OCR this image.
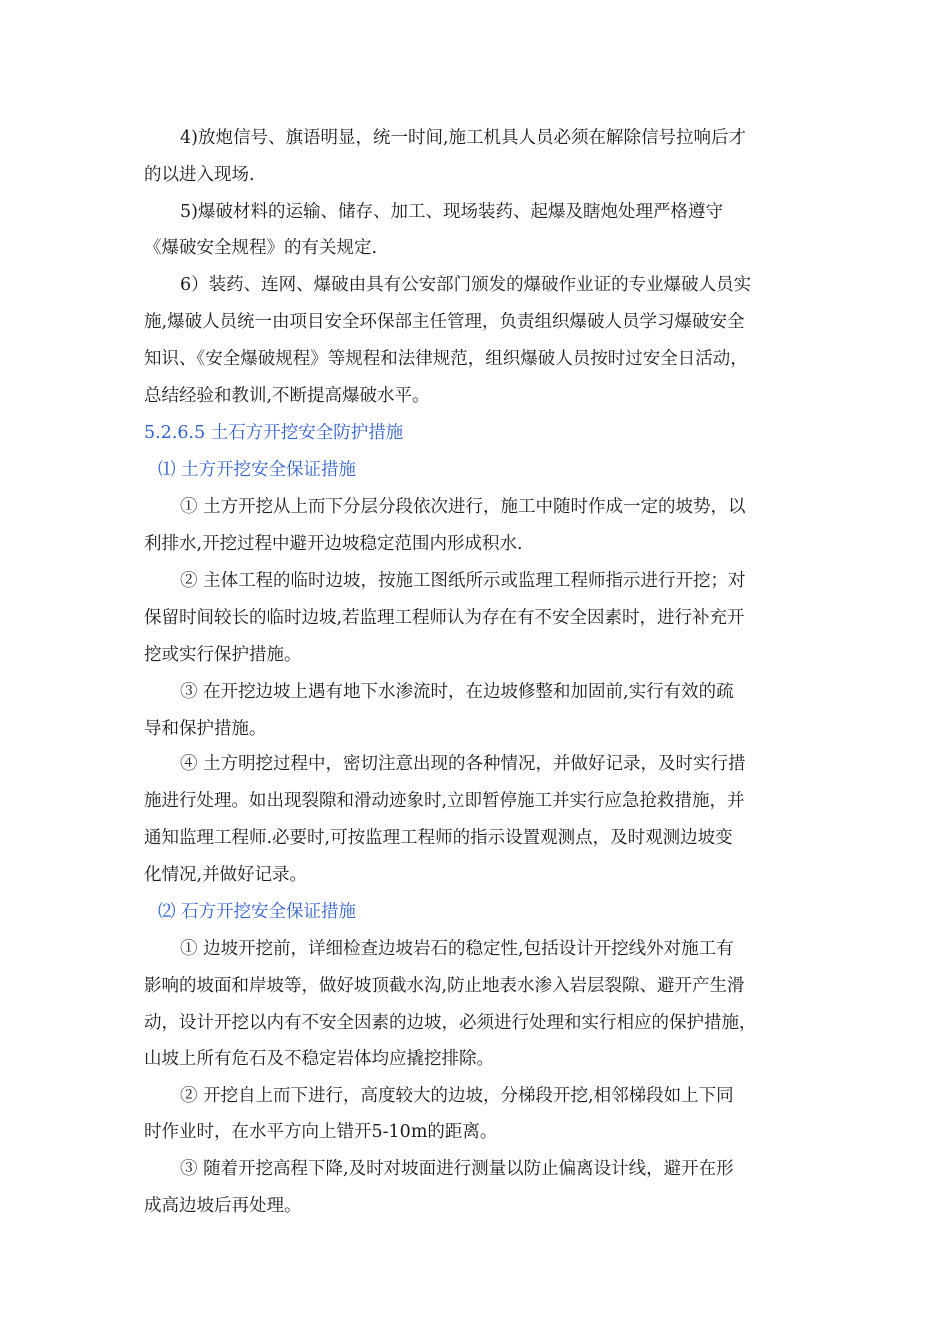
4)放炮信号、旗语明显，统一时间,施工机具人员必须在解除信号拉响后才
的以进入现场.
5)爆破材料的运输、储存、加工、现场装药、起爆及瞎炮处理严格遵守
《爆破安全规程》的有关规定.
6）装药、连网、爆破由具有公安部门颁发的爆破作业证的专业爆破人员实
施,爆破人员统一由项目安全环保部主任管理，负责组织爆破人员学习爆破安全
知识、《安全爆破规程》等规程和法律规范，组织爆破人员按时过安全日活动，
总结经验和教训,不断提高爆破水平。
5.2.6.5 土石方开挖安全防护措施
⑴ 土方开挖安全保证措施
① 土方开挖从上而下分层分段依次进行，施工中随时作成一定的坡势，以
利排水,开挖过程中避开边坡稳定范围内形成积水.
② 主体工程的临时边坡，按施工图纸所示或监理工程师指示进行开挖；对
保留时间较长的临时边坡,若监理工程师认为存在有不安全因素时，进行补充开
挖或实行保护措施。
③ 在开挖边坡上遇有地下水渗流时，在边坡修整和加固前,实行有效的疏
导和保护措施。
④ 土方明挖过程中，密切注意出现的各种情况，并做好记录，及时实行措
施进行处理。如出现裂隙和滑动迹象时,立即暂停施工并实行应急抢救措施，并
通知监理工程师.必要时,可按监理工程师的指示设置观测点，及时观测边坡变
化情况,并做好记录。
⑵ 石方开挖安全保证措施
① 边坡开挖前，详细检查边坡岩石的稳定性,包括设计开挖线外对施工有
影响的坡面和岸坡等，做好坡顶截水沟,防止地表水渗入岩层裂隙、避开产生滑
动，设计开挖以内有不安全因素的边坡，必须进行处理和实行相应的保护措施，
山坡上所有危石及不稳定岩体均应撬挖排除。
② 开挖自上而下进行，高度较大的边坡，分梯段开挖,相邻梯段如上下同
时作业时，在水平方向上错开5-10m的距离。
③ 随着开挖高程下降,及时对坡面进行测量以防止偏离设计线，避开在形
成高边坡后再处理。
